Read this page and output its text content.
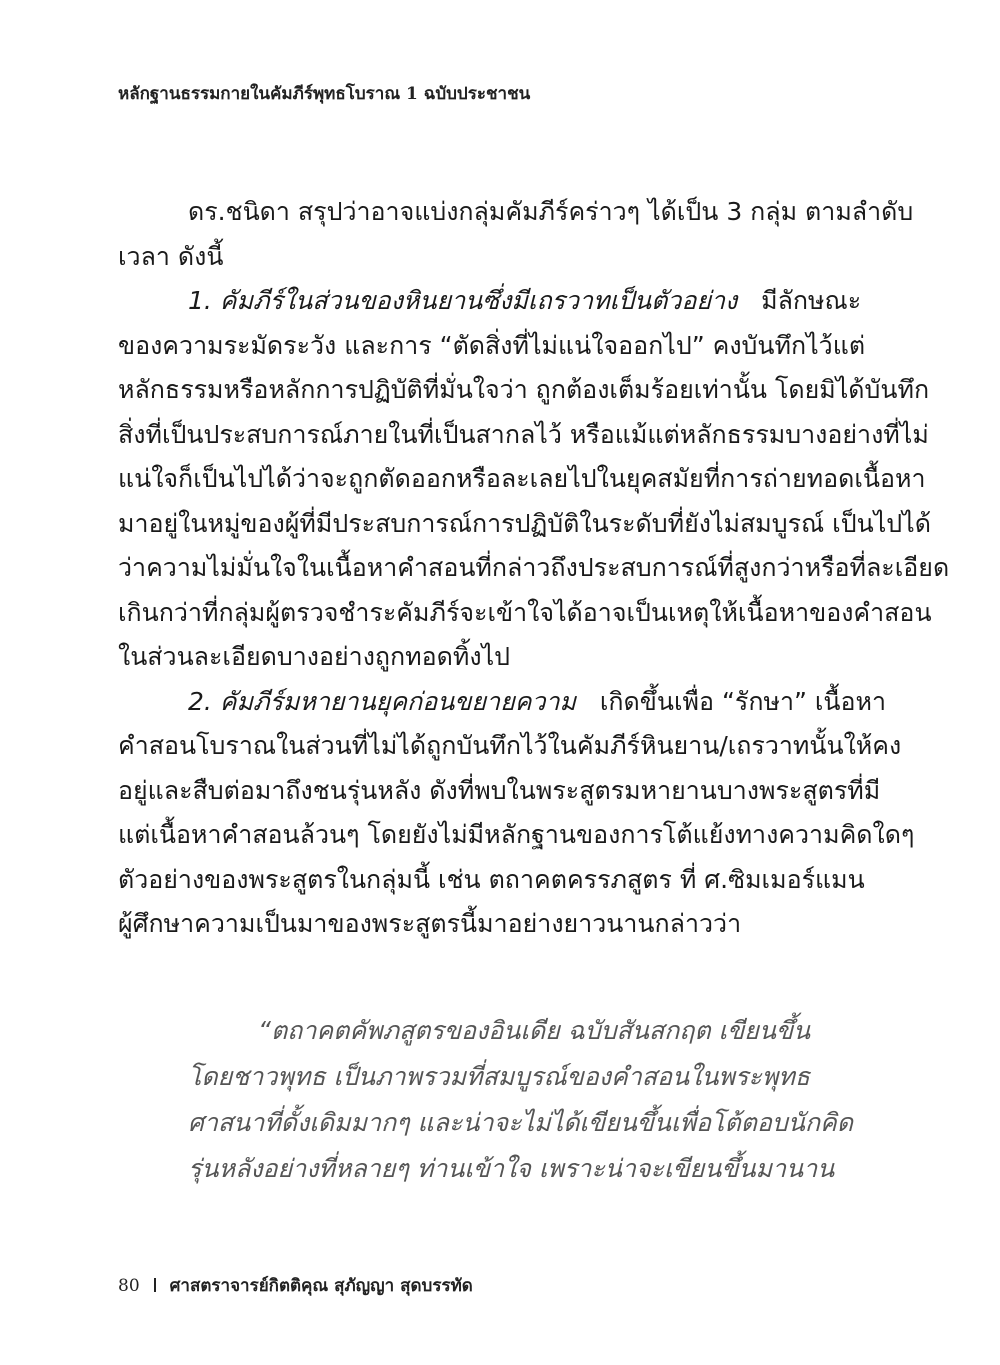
หลักฐานธรรมกายในคัมภีร์พุทธโบราณ 1 ฉบับประชาชน

ดร.ชนิดา สรุปว่าอาจแบ่งกลุ่มคัมภีร์คร่าวๆ ได้เป็น 3 กลุ่ม ตามลำดับ
เวลา ดังนี้

1. คัมภีร์ในส่วนของหินยานซึ่งมีเถรวาทเป็นตัวอย่าง มีลักษณะ
ของความระมัดระวัง และการ “ตัดสิ่งที่ไม่แน่ใจออกไป” คงบันทึกไว้แต่
หลักธรรมหรือหลักการปฏิบัติที่มั่นใจว่า ถูกต้องเต็มร้อยเท่านั้น โดยมิได้บันทึก
สิ่งที่เป็นประสบการณ์ภายในที่เป็นสากลไว้ หรือแม้แต่หลักธรรมบางอย่างที่ไม่
แน่ใจก็เป็นไปได้ว่าจะถูกตัดออกหรือละเลยไปในยุคสมัยที่การถ่ายทอดเนื้อหา
มาอยู่ในหมู่ของผู้ที่มีประสบการณ์การปฏิบัติในระดับที่ยังไม่สมบูรณ์ เป็นไปได้
ว่าความไม่มั่นใจในเนื้อหาคำสอนที่กล่าวถึงประสบการณ์ที่สูงกว่าหรือที่ละเอียด
เกินกว่าที่กลุ่มผู้ตรวจชำระคัมภีร์จะเข้าใจได้อาจเป็นเหตุให้เนื้อหาของคำสอน
ในส่วนละเอียดบางอย่างถูกทอดทิ้งไป

2. คัมภีร์มหายานยุคก่อนขยายความ เกิดขึ้นเพื่อ “รักษา” เนื้อหา
คำสอนโบราณในส่วนที่ไม่ได้ถูกบันทึกไว้ในคัมภีร์หินยาน/เถรวาทนั้นให้คง
อยู่และสืบต่อมาถึงชนรุ่นหลัง ดังที่พบในพระสูตรมหายานบางพระสูตรที่มี
แต่เนื้อหาคำสอนล้วนๆ โดยยังไม่มีหลักฐานของการโต้แย้งทางความคิดใดๆ
ตัวอย่างของพระสูตรในกลุ่มนี้ เช่น ตถาคตครรภสูตร ที่ ศ.ซิมเมอร์แมน
ผู้ศึกษาความเป็นมาของพระสูตรนี้มาอย่างยาวนานกล่าวว่า

“ตถาคตคัพภสูตรของอินเดีย ฉบับสันสกฤต เขียนขึ้น
โดยชาวพุทธ เป็นภาพรวมที่สมบูรณ์ของคำสอนในพระพุทธ
ศาสนาที่ดั้งเดิมมากๆ และน่าจะไม่ได้เขียนขึ้นเพื่อโต้ตอบนักคิด
รุ่นหลังอย่างที่หลายๆ ท่านเข้าใจ เพราะน่าจะเขียนขึ้นมานาน
80 ศาสตราจารย์กิตติคุณ สุภัญญา สุดบรรทัด
